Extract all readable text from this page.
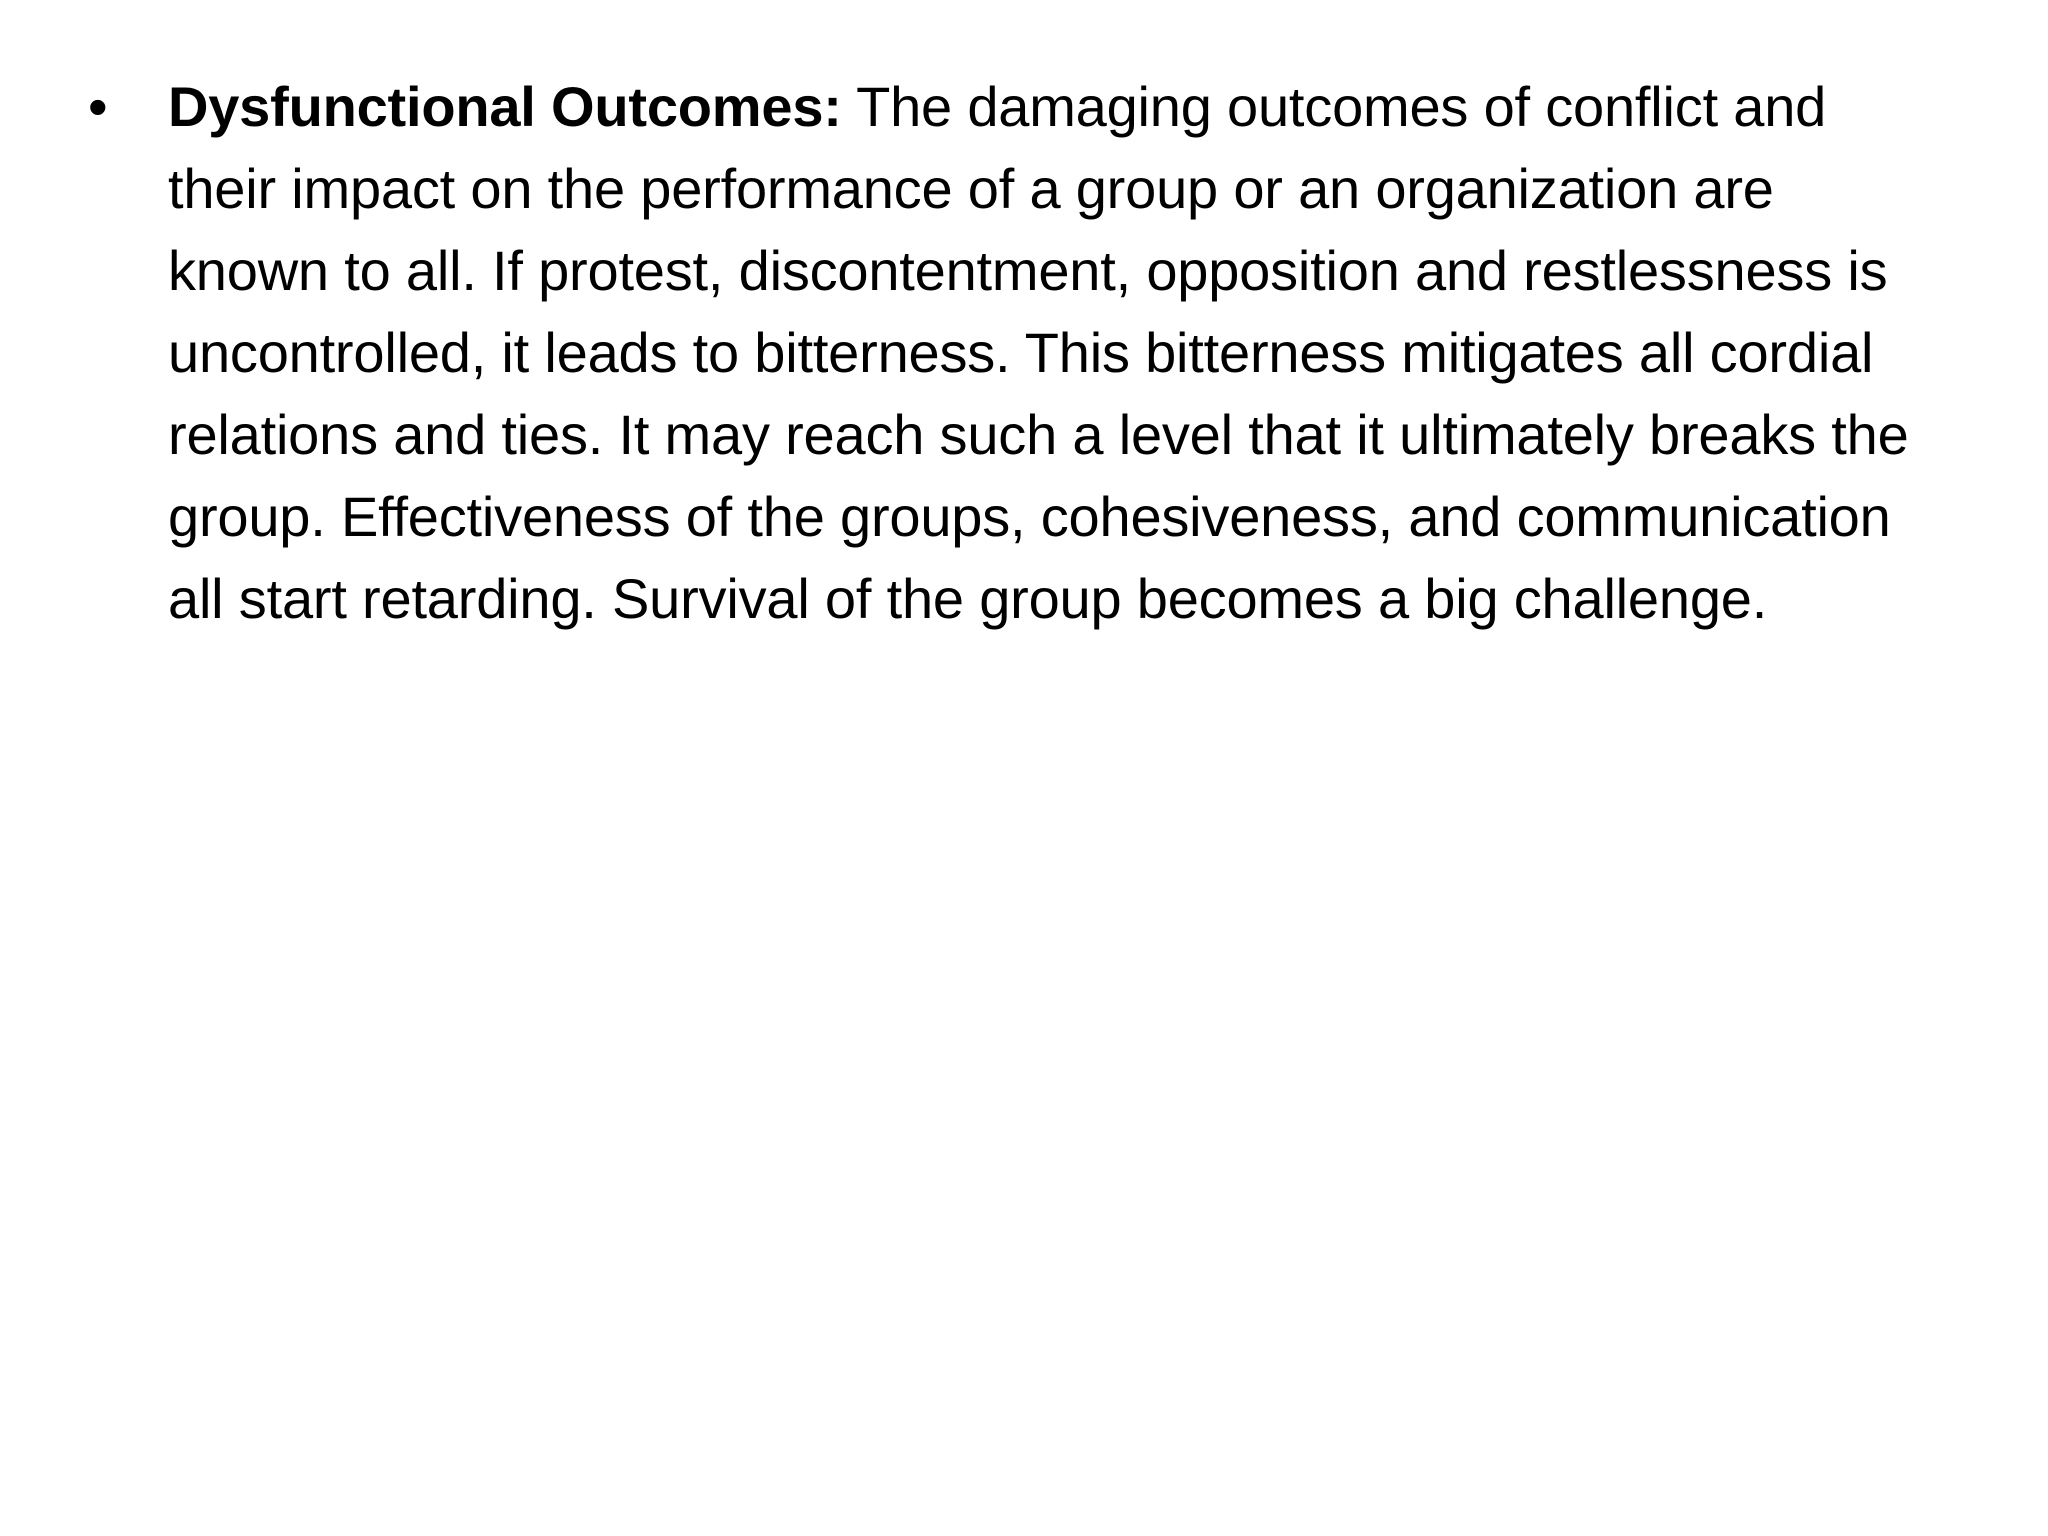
•	Dysfunctional Outcomes: The damaging outcomes of conflict and their impact on the performance of a group or an organization are known to all. If protest, discontentment, opposition and restlessness is uncontrolled, it leads to bitterness. This bitterness mitigates all cordial relations and ties. It may reach such a level that it ultimately breaks the group. Effectiveness of the groups, cohesiveness, and communication all start retarding. Survival of the group becomes a big challenge.
